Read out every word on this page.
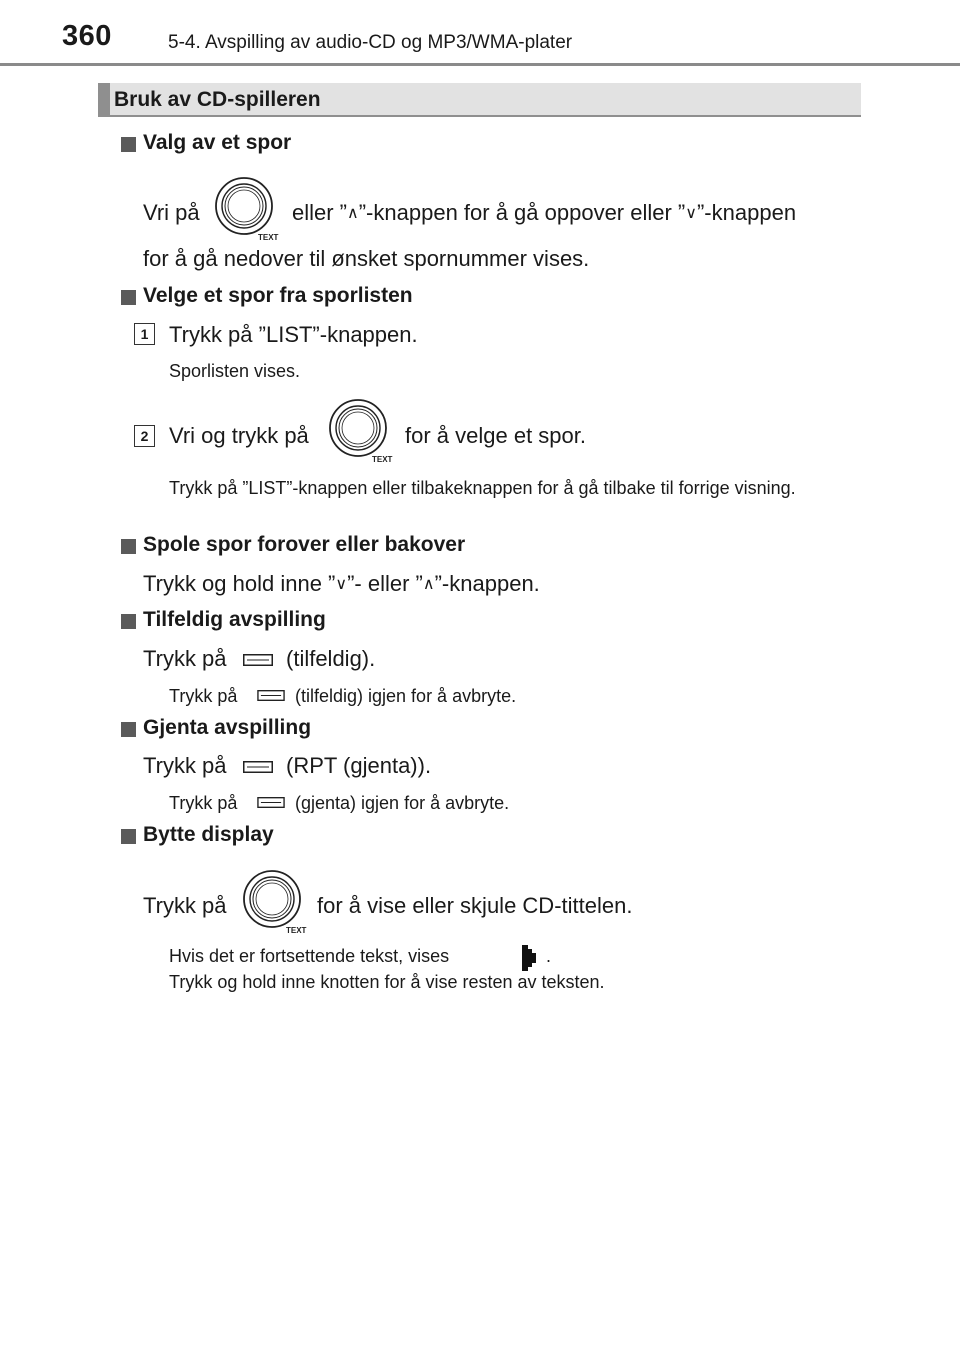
360	5-4. Avspilling av audio-CD og MP3/WMA-plater
Bruk av CD-spilleren
Valg av et spor
Vri på
TEXT
eller ”∧”-knappen for å gå oppover eller ”∨”-knappen
for å gå nedover til ønsket spornummer vises.
Velge et spor fra sporlisten
1 Trykk på ”LIST”-knappen.
Sporlisten vises.
2 Vri og trykk på
TEXT
for å velge et spor.
Trykk på ”LIST”-knappen eller tilbakeknappen for å gå tilbake til forrige visning.
Spole spor forover eller bakover
Trykk og hold inne ”∨”- eller ”∧”-knappen.
Tilfeldig avspilling
Trykk på	(tilfeldig).
Trykk på	(tilfeldig) igjen for å avbryte.
Gjenta avspilling
Trykk på	(RPT (gjenta)).
Trykk på	(gjenta) igjen for å avbryte.
Bytte display
Trykk på
TEXT
for å vise eller skjule CD-tittelen.
Hvis det er fortsettende tekst, vises	.
Trykk og hold inne knotten for å vise resten av teksten.
